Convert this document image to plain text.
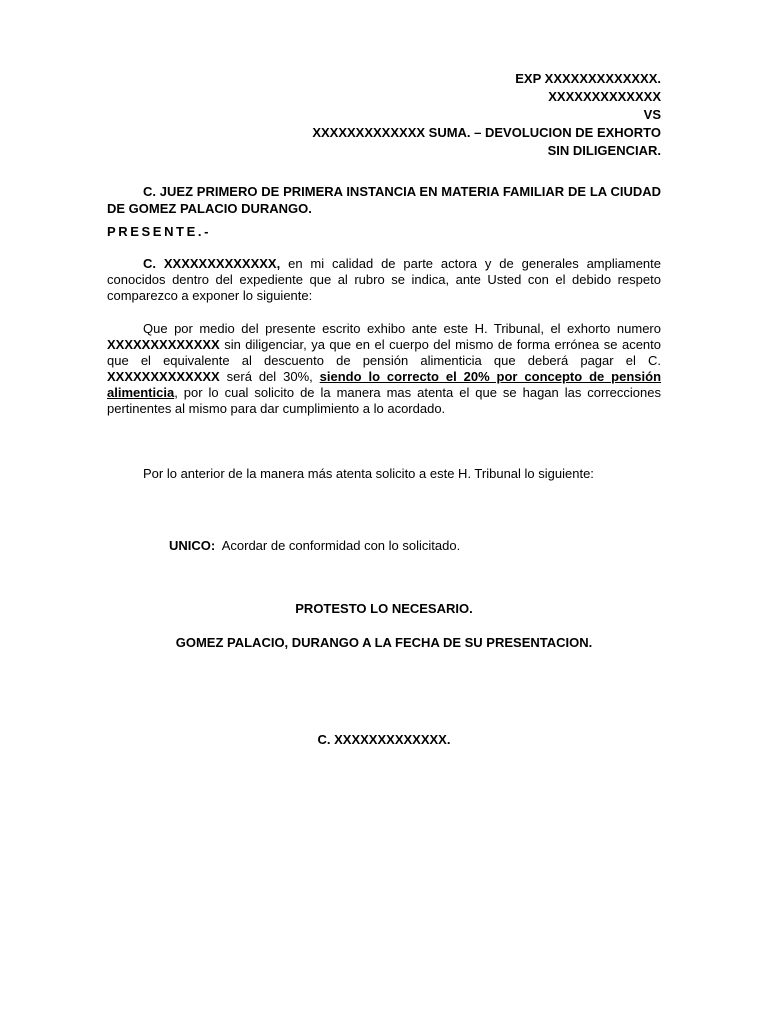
EXP XXXXXXXXXXXXX.
XXXXXXXXXXXXX
VS
XXXXXXXXXXXXX SUMA. – DEVOLUCION DE EXHORTO
SIN DILIGENCIAR.
C. JUEZ PRIMERO DE PRIMERA INSTANCIA EN MATERIA FAMILIAR DE LA CIUDAD DE GOMEZ PALACIO DURANGO.
PRESENTE.-
C. XXXXXXXXXXXXX, en mi calidad de parte actora y de generales ampliamente conocidos dentro del expediente que al rubro se indica, ante Usted con el debido respeto comparezco a exponer lo siguiente:
Que por medio del presente escrito exhibo ante este H. Tribunal, el exhorto numero XXXXXXXXXXXXX sin diligenciar, ya que en el cuerpo del mismo de forma errónea se acento que el equivalente al descuento de pensión alimenticia que deberá pagar el C. XXXXXXXXXXXXX será del 30%, siendo lo correcto el 20% por concepto de pensión alimenticia, por lo cual solicito de la manera mas atenta el que se hagan las correcciones pertinentes al mismo para dar cumplimiento a lo acordado.
Por lo anterior de la manera más atenta solicito a este H. Tribunal lo siguiente:
UNICO:  Acordar de conformidad con lo solicitado.
PROTESTO LO NECESARIO.
GOMEZ PALACIO, DURANGO A LA FECHA DE SU PRESENTACION.
C. XXXXXXXXXXXXX.
